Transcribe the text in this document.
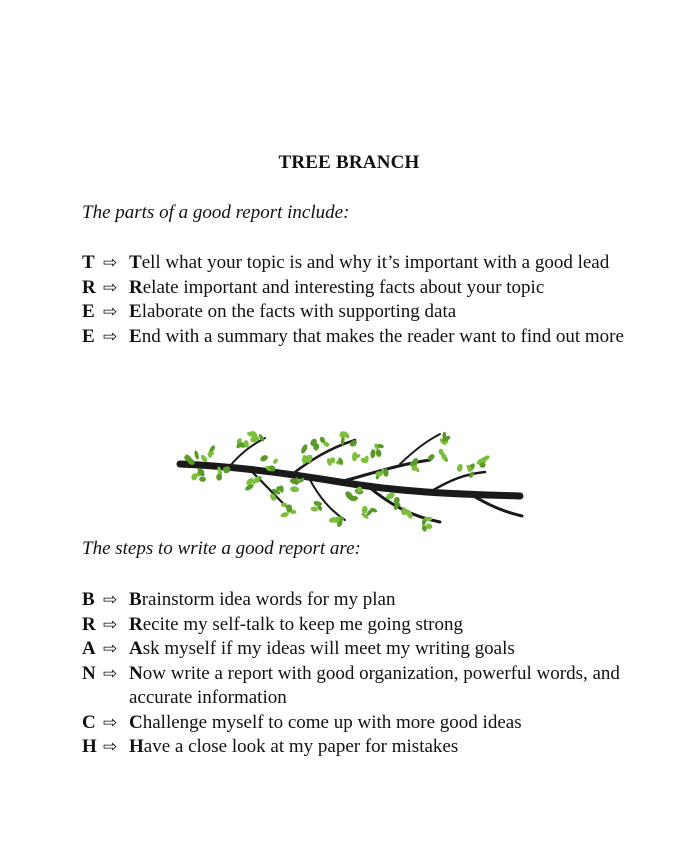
TREE BRANCH
The parts of a good report include:
T ⇨ Tell what your topic is and why it’s important with a good lead
R ⇨ Relate important and interesting facts about your topic
E ⇨ Elaborate on the facts with supporting data
E ⇨ End with a summary that makes the reader want to find out more
The steps to write a good report are:
B ⇨ Brainstorm idea words for my plan
R ⇨ Recite my self-talk to keep me going strong
A ⇨ Ask myself if my ideas will meet my writing goals
N ⇨ Now write a report with good organization, powerful words, and accurate information
C ⇨ Challenge myself to come up with more good ideas
H ⇨ Have a close look at my paper for mistakes
